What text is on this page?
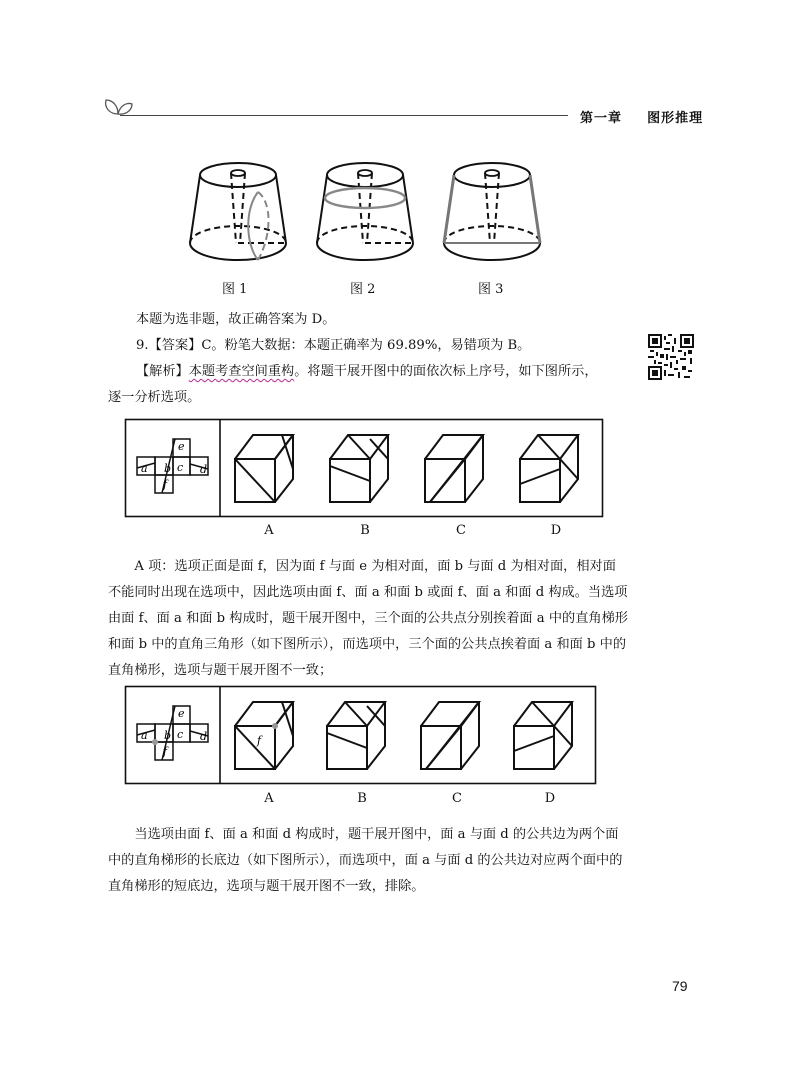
第一章 图形推理
图 1	图 2	图 3
本题为选非题，故正确答案为 D。
9.【答案】C。粉笔大数据：本题正确率为 69.89%，易错项为 B。
【解析】本题考查空间重构。将题干展开图中的面依次标上序号，如下图所示，
逐一分析选项。
a b c d
e
f
A	B	C	D
A 项：选项正面是面 f，因为面 f 与面 e 为相对面，面 b 与面 d 为相对面，相对面不能同时出现在选项中，因此选项由面 f、面 a 和面 b 或面 f、面 a 和面 d 构成。当选项由面 f、面 a 和面 b 构成时，题干展开图中，三个面的公共点分别挨着面 a 中的直角梯形和面 b 中的直角三角形（如下图所示），而选项中，三个面的公共点挨着面 a 和面 b 中的直角梯形，选项与题干展开图不一致；
a b c d
e
f
f
A	B	C	D
当选项由面 f、面 a 和面 d 构成时，题干展开图中，面 a 与面 d 的公共边为两个面中的直角梯形的长底边（如下图所示），而选项中，面 a 与面 d 的公共边对应两个面中的直角梯形的短底边，选项与题干展开图不一致，排除。
79
